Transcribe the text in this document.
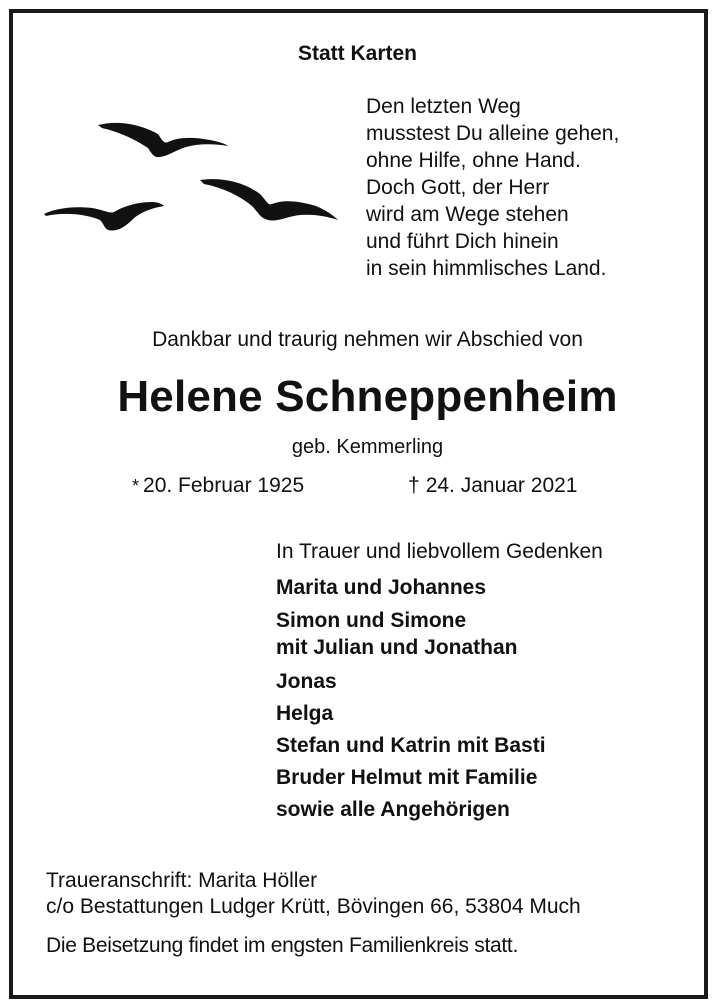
Statt Karten
Den letzten Weg
musstest Du alleine gehen,
ohne Hilfe, ohne Hand.
Doch Gott, der Herr
wird am Wege stehen
und führt Dich hinein
in sein himmlisches Land.
Dankbar und traurig nehmen wir Abschied von
Helene Schneppenheim
geb. Kemmerling
* 20. Februar 1925	† 24. Januar 2021
In Trauer und liebvollem Gedenken
Marita und Johannes
Simon und Simone
mit Julian und Jonathan
Jonas
Helga
Stefan und Katrin mit Basti
Bruder Helmut mit Familie
sowie alle Angehörigen
Traueranschrift: Marita Höller
c/o Bestattungen Ludger Krütt, Bövingen 66, 53804 Much
Die Beisetzung findet im engsten Familienkreis statt.
